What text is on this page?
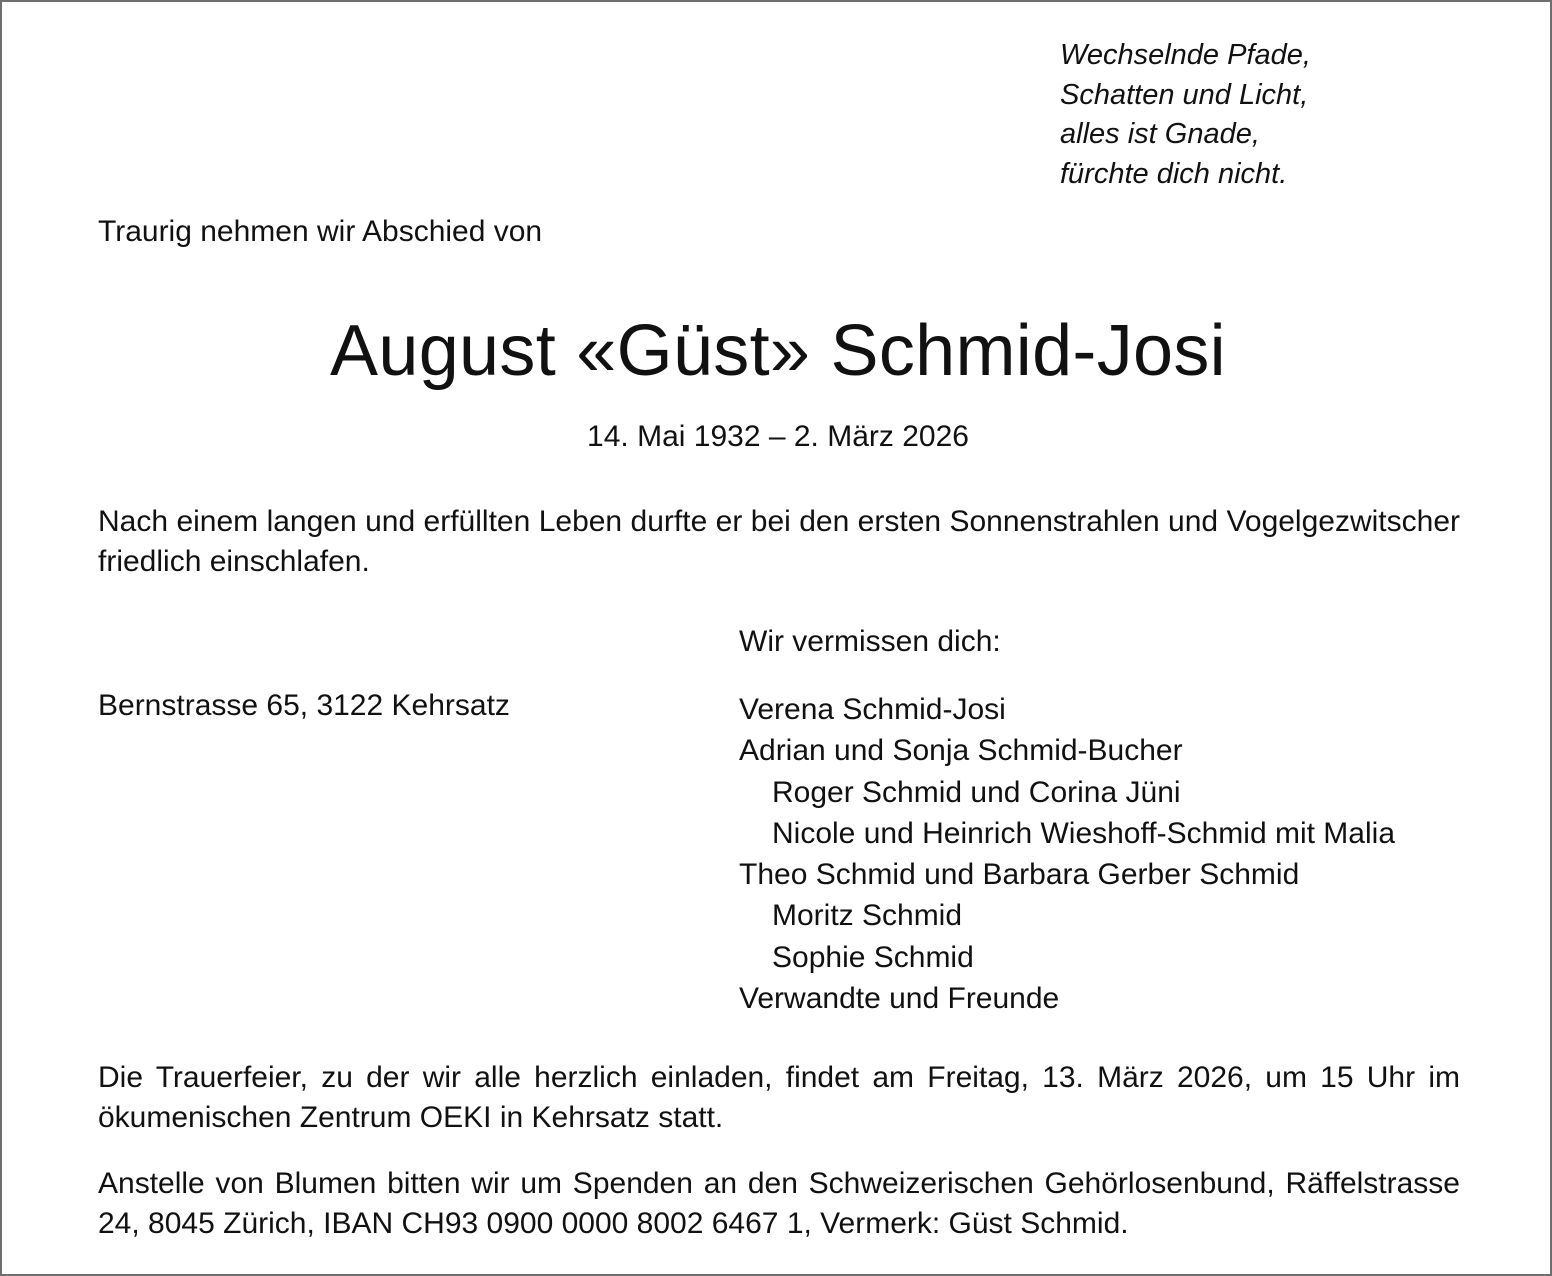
Wechselnde Pfade,
Schatten und Licht,
alles ist Gnade,
fürchte dich nicht.
Traurig nehmen wir Abschied von
August «Güst» Schmid-Josi
14. Mai 1932 – 2. März 2026
Nach einem langen und erfüllten Leben durfte er bei den ersten Sonnenstrahlen und Vogelgezwitscher friedlich einschlafen.
Wir vermissen dich:
Bernstrasse 65, 3122 Kehrsatz	Verena Schmid-Josi
Adrian und Sonja Schmid-Bucher
Roger Schmid und Corina Jüni
Nicole und Heinrich Wieshoff-Schmid mit Malia
Theo Schmid und Barbara Gerber Schmid
Moritz Schmid
Sophie Schmid
Verwandte und Freunde
Die Trauerfeier, zu der wir alle herzlich einladen, findet am Freitag, 13. März 2026, um 15 Uhr im ökumenischen Zentrum OEKI in Kehrsatz statt.
Anstelle von Blumen bitten wir um Spenden an den Schweizerischen Gehörlosenbund, Räffelstrasse 24, 8045 Zürich, IBAN CH93 0900 0000 8002 6467 1, Vermerk: Güst Schmid.
